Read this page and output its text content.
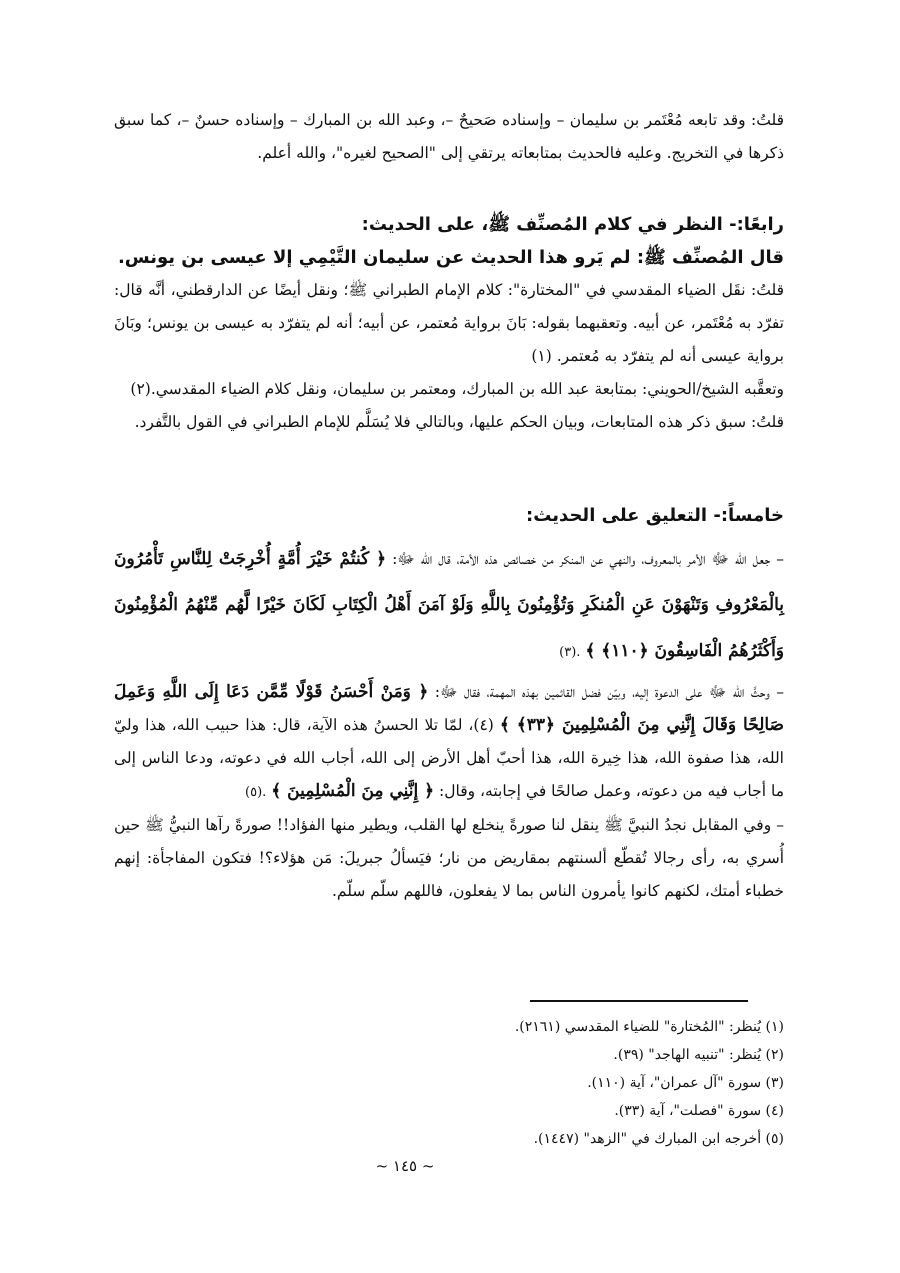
قلتُ: وقد تابعه مُعْتَمر بن سليمان – وإسناده صَحيحٌ –، وعبد الله بن المبارك – وإسناده حسنٌ –، كما سبق ذكرها في التخريج. وعليه فالحديث بمتابعاته يرتقي إلى "الصحيح لغيره"، والله أعلم.

رابعًا:- النظر في كلام المُصنِّف ﷺ، على الحديث:

قال المُصنِّف ﷺ: لم يَرو هذا الحديث عن سليمان التَّيْمِي إلا عيسى بن يونس.

قلتُ: نقَل الضياء المقدسي في "المختارة": كلام الإمام الطبراني ﷺ؛ ونقل أيضًا عن الدارقطني، أنَّه قال: تفرّد به مُعْتَمر، عن أبيه. وتعقبهما بقوله: بَانَ برواية مُعتمر، عن أبيه؛ أنه لم يتفرّد به عيسى بن يونس؛ وبَانَ برواية عيسى أنه لم يتفرّد به مُعتمر. (١)

وتعقَّبه الشيخ/الحويني: بمتابعة عبد الله بن المبارك، ومعتمر بن سليمان، ونقل كلام الضياء المقدسي.(٢)

قلتُ: سبق ذكر هذه المتابعات، وبيان الحكم عليها، وبالتالي فلا يُسَلَّم للإمام الطبراني في القول بالتَّفرد.

خامساً:- التعليق على الحديث:

– جعل الله ﷻ الأمر بالمعروف، والنهي عن المنكر من خصائص هذه الأمة، قال الله ﷻ: ﴿ كُنتُمْ خَيْرَ أُمَّةٍ أُخْرِجَتْ لِلنَّاسِ تَأْمُرُونَ بِالْمَعْرُوفِ وَتَنْهَوْنَ عَنِ الْمُنكَرِ وَتُؤْمِنُونَ بِاللَّهِ وَلَوْ آمَنَ أَهْلُ الْكِتَابِ لَكَانَ خَيْرًا لَّهُم مِّنْهُمُ الْمُؤْمِنُونَ وَأَكْثَرُهُمُ الْفَاسِقُونَ ﴿١١٠﴾ ﴾ .(٣)

– وحثَّ الله ﷻ على الدعوة إليه، وبيّن فضل القائمين بهذه المهمة، فقال ﷻ: ﴿ وَمَنْ أَحْسَنُ قَوْلًا مِّمَّن دَعَا إِلَى اللَّهِ وَعَمِلَ صَالِحًا وَقَالَ إِنَّنِي مِنَ الْمُسْلِمِينَ ﴿٣٣﴾ ﴾ (٤)، لمّا تلا الحسنُ هذه الآية، قال: هذا حبيب الله، هذا وليّ الله، هذا صفوة الله، هذا خِيرة الله، هذا أحبّ أهل الأرض إلى الله، أجاب الله في دعوته، ودعا الناس إلى ما أجاب فيه من دعوته، وعمل صالحًا في إجابته، وقال: ﴿ إِنَّنِي مِنَ الْمُسْلِمِينَ ﴾ .(٥)

– وفي المقابل نجدُ النبيَّ ﷺ ينقل لنا صورةً ينخلع لها القلب، ويطير منها الفؤاد!! صورةً رآها النبيُّ ﷺ حين أُسري به، رأى رجالا تُقطّع ألسنتهم بمقاريض من نار؛ فيَسألُ جبريلَ: مَن هؤلاء؟! فتكون المفاجأة: إنهم خطباء أمتك، لكنهم كانوا يأمرون الناس بما لا يفعلون، فاللهم سلّم سلّم.

(١) يُنظر: "المُختارة" للضياء المقدسي (٢١٦١).
(٢) يُنظر: "تنبيه الهاجد" (٣٩).
(٣) سورة "آل عمران"، آية (١١٠).
(٤) سورة "فصلت"، آية (٣٣).
(٥) أخرجه ابن المبارك في "الزهد" (١٤٤٧).
~ ١٤٥ ~
